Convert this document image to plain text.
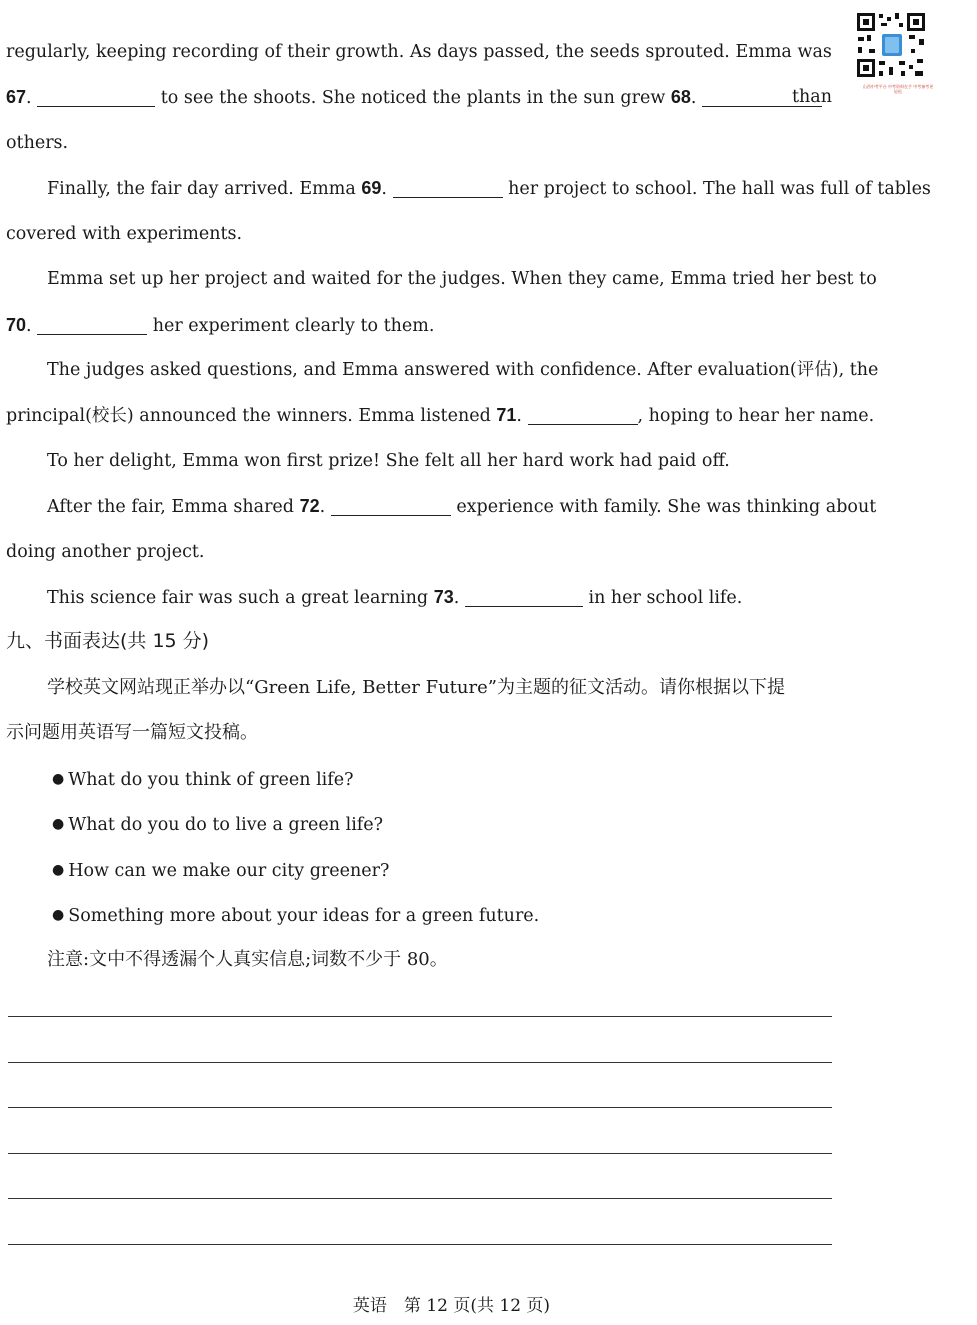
山西中考平台 中考资料在手 中考备考更轻松
regularly, keeping recording of their growth. As days passed, the seeds sprouted. Emma was
67.	to see the shoots. She noticed the plants in the sun grew 68.	than
others.
Finally, the fair day arrived. Emma 69.	her project to school. The hall was full of tables
covered with experiments.
Emma set up her project and waited for the judges. When they came, Emma tried her best to
70.	her experiment clearly to them.
The judges asked questions, and Emma answered with confidence. After evaluation(评估), the
principal(校长) announced the winners. Emma listened 71.	, hoping to hear her name.
To her delight, Emma won first prize! She felt all her hard work had paid off.
After the fair, Emma shared 72.	experience with family. She was thinking about
doing another project.
This science fair was such a great learning 73.	in her school life.
九、书面表达(共 15 分)
学校英文网站现正举办以“Green Life, Better Future”为主题的征文活动。请你根据以下提
示问题用英语写一篇短文投稿。
● What do you think of green life?
● What do you do to live a green life?
● How can we make our city greener?
● Something more about your ideas for a green future.
注意:文中不得透漏个人真实信息;词数不少于 80。
英语　第 12 页(共 12 页)
